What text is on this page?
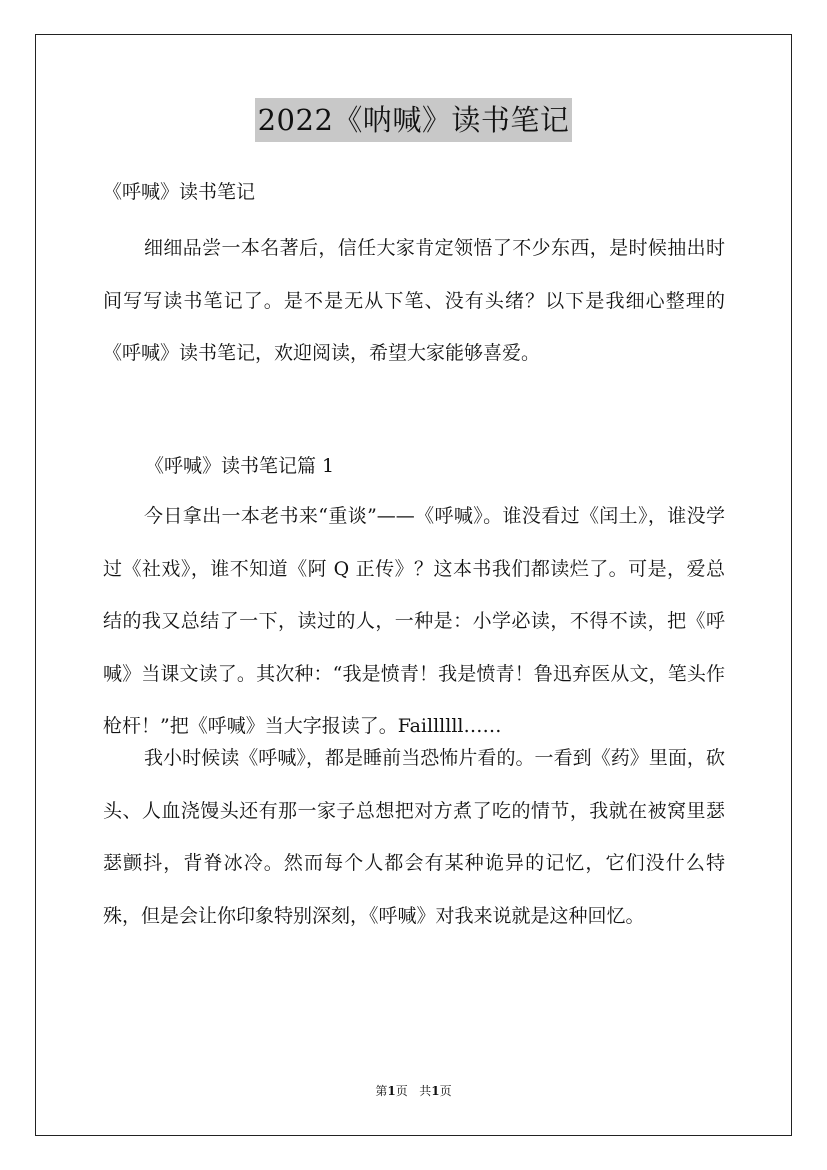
2022《呐喊》读书笔记
《呼喊》读书笔记

细细品尝一本名著后，信任大家肯定领悟了不少东西，是时候抽出时间写写读书笔记了。是不是无从下笔、没有头绪？以下是我细心整理的《呼喊》读书笔记，欢迎阅读，希望大家能够喜爱。

《呼喊》读书笔记篇 1

今日拿出一本老书来“重谈”——《呼喊》。谁没看过《闰土》，谁没学过《社戏》，谁不知道《阿 Q 正传》？这本书我们都读烂了。可是，爱总结的我又总结了一下，读过的人，一种是：小学必读，不得不读，把《呼喊》当课文读了。其次种：“我是愤青！我是愤青！鲁迅弃医从文，笔头作枪杆！”把《呼喊》当大字报读了。Faillllll……

我小时候读《呼喊》，都是睡前当恐怖片看的。一看到《药》里面，砍头、人血浇馒头还有那一家子总想把对方煮了吃的情节，我就在被窝里瑟瑟颤抖，背脊冰冷。然而每个人都会有某种诡异的记忆，它们没什么特殊，但是会让你印象特别深刻，《呼喊》对我来说就是这种回忆。

第1页 共1页
